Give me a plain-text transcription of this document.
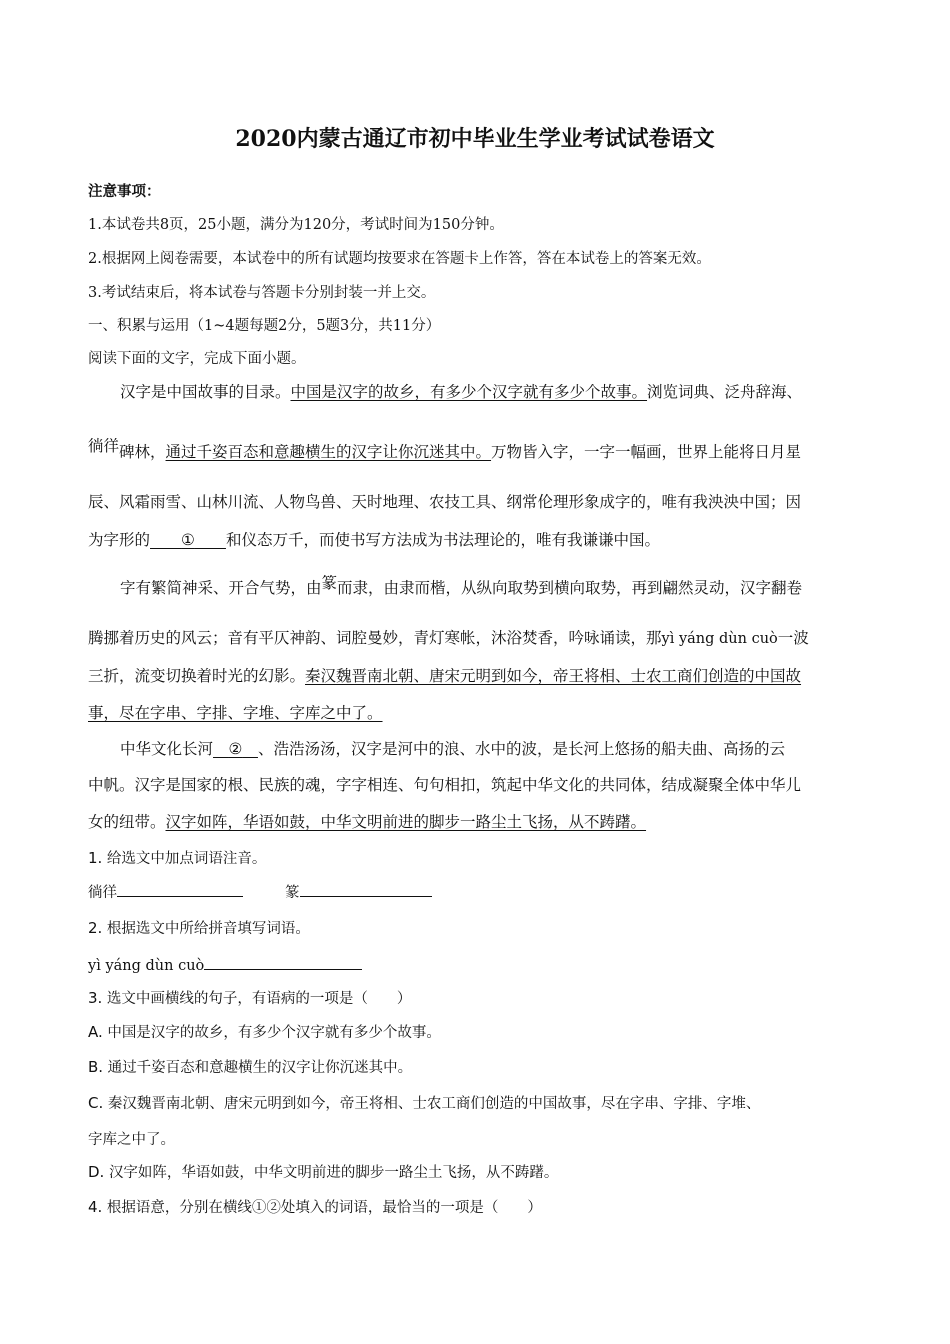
2020内蒙古通辽市初中毕业生学业考试试卷语文
注意事项：
1.本试卷共8页，25小题，满分为120分，考试时间为150分钟。
2.根据网上阅卷需要，本试卷中的所有试题均按要求在答题卡上作答，答在本试卷上的答案无效。
3.考试结束后，将本试卷与答题卡分别封装一并上交。
一、积累与运用（1~4题每题2分，5题3分，共11分）
阅读下面的文字，完成下面小题。
汉字是中国故事的目录。中国是汉字的故乡，有多少个汉字就有多少个故事。浏览词典、泛舟辞海、
徜徉碑林，通过千姿百态和意趣横生的汉字让你沉迷其中。万物皆入字，一字一幅画，世界上能将日月星
辰、风霜雨雪、山林川流、人物鸟兽、天时地理、农技工具、纲常伦理形象成字的，唯有我泱泱中国；因
为字形的　　 ①　　 和仪态万千，而使书写方法成为书法理论的，唯有我谦谦中国。
字有繁简神采、开合气势，由篆而隶，由隶而楷，从纵向取势到横向取势，再到翩然灵动，汉字翻卷
腾挪着历史的风云；音有平仄神韵、词腔曼妙，青灯寒帐，沐浴焚香，吟咏诵读，那yì yáng dùn cuò一波
三折，流变切换着时光的幻影。秦汉魏晋南北朝、唐宋元明到如今，帝王将相、士农工商们创造的中国故
事，尽在字串、字排、字堆、字库之中了。
中华文化长河　 ②　 、浩浩汤汤，汉字是河中的浪、水中的波，是长河上悠扬的船夫曲、高扬的云
中帆。汉字是国家的根、民族的魂，字字相连、句句相扣，筑起中华文化的共同体，结成凝聚全体中华儿
女的纽带。汉字如阵，华语如鼓，中华文明前进的脚步一路尘土飞扬，从不踌躇。
1. 给选文中加点词语注音。
徜徉	篆
2. 根据选文中所给拼音填写词语。
yì yáng dùn cuò
3. 选文中画横线的句子，有语病的一项是（　　）
A. 中国是汉字的故乡，有多少个汉字就有多少个故事。
B. 通过千姿百态和意趣横生的汉字让你沉迷其中。
C. 秦汉魏晋南北朝、唐宋元明到如今，帝王将相、士农工商们创造的中国故事，尽在字串、字排、字堆、
字库之中了。
D. 汉字如阵，华语如鼓，中华文明前进的脚步一路尘土飞扬，从不踌躇。
4. 根据语意，分别在横线①②处填入的词语，最恰当的一项是（　　）
